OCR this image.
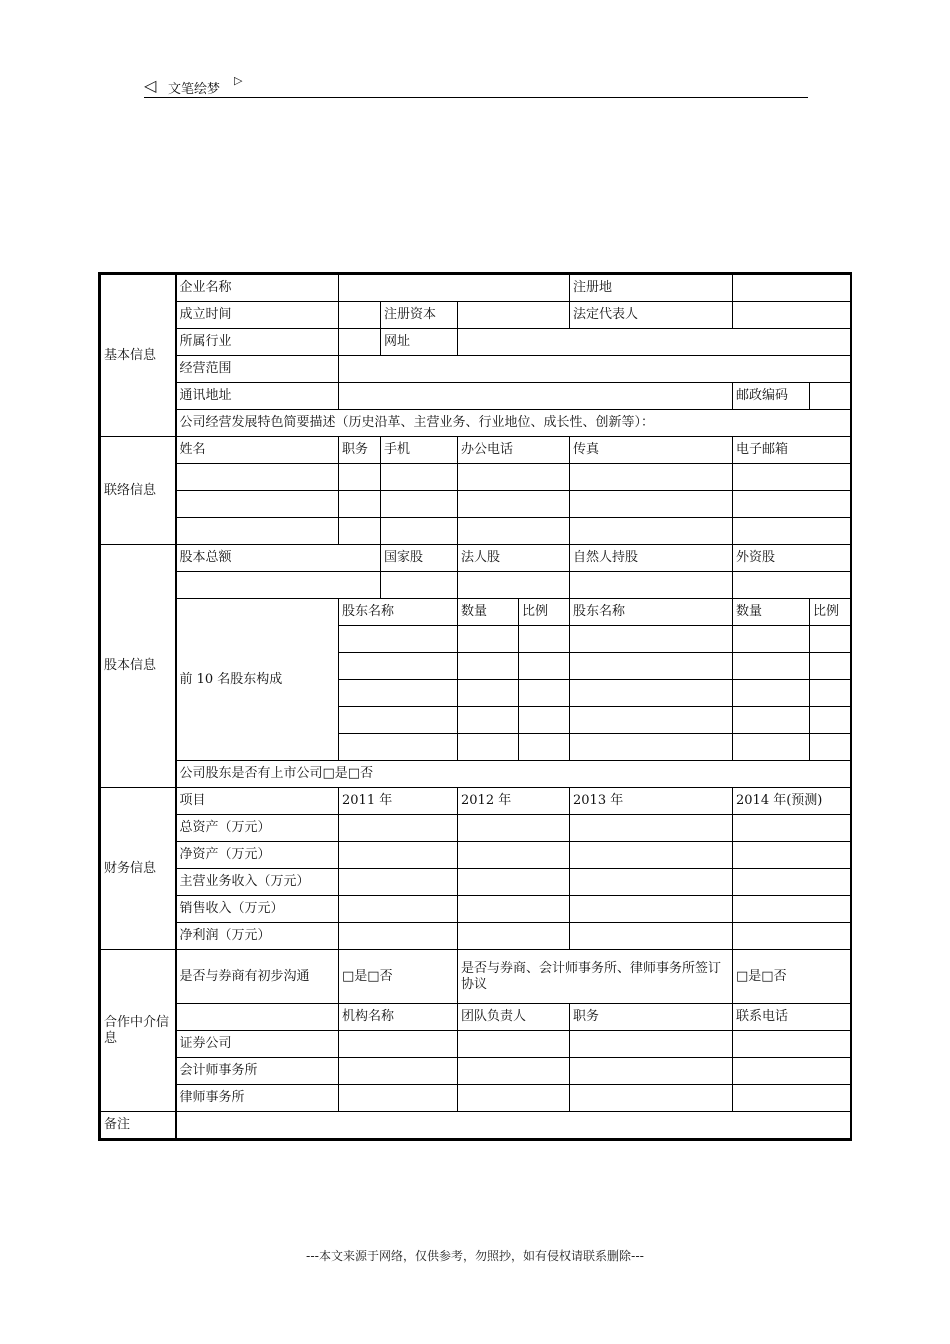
◁ 文笔绘梦
▷
基本信息	企业名称					注册地		
	成立时间		注册资本			法定代表人		
	所属行业		网址					
	经营范围							
	通讯地址						邮政编码	
	公司经营发展特色简要描述（历史沿革、主营业务、行业地位、成长性、创新等）：							
联络信息	姓名	职务	手机	办公电话		传真	电子邮箱	

股本信息	股本总额		国家股	法人股		自然人持股	外资股	

	前 10 名股东构成	股东名称		数量	比例	股东名称	数量	比例

	公司股东是否有上市公司□是□否							
财务信息	项目	2011 年		2012 年		2013 年	2014 年(预测)	
	总资产（万元）							
	净资产（万元）							
	主营业务收入（万元）							
	销售收入（万元）							
	净利润（万元）							
合作中介信息	是否与券商有初步沟通	□是□否		是否与券商、会计师事务所、律师事务所签订协议			□是□否	
		机构名称		团队负责人		职务	联系电话	
	证券公司							
	会计师事务所							
	律师事务所							
备注								
---本文来源于网络，仅供参考，勿照抄，如有侵权请联系删除---
